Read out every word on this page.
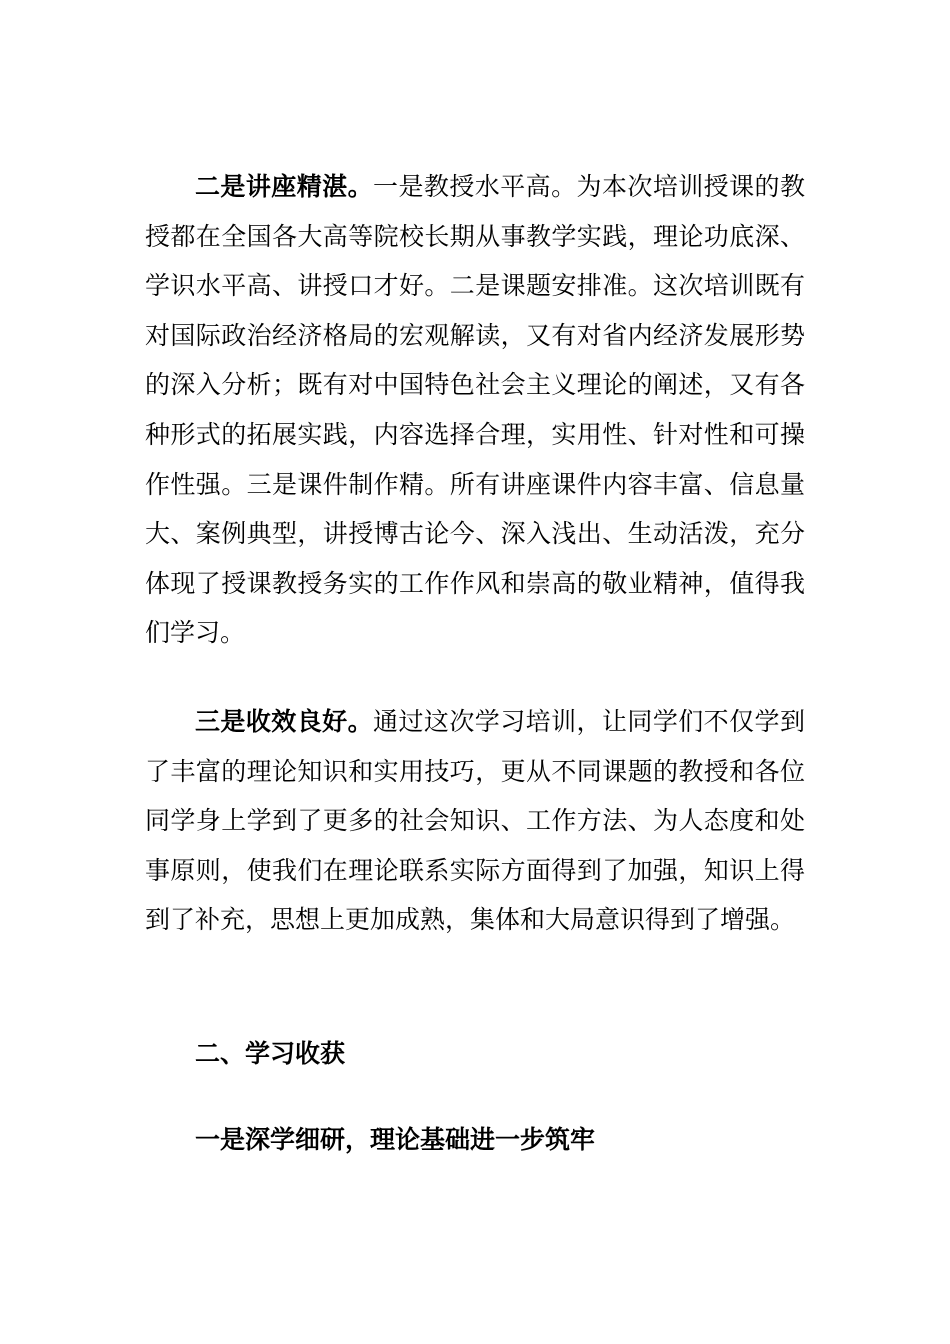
二是讲座精湛。一是教授水平高。为本次培训授课的教授都在全国各大高等院校长期从事教学实践，理论功底深、学识水平高、讲授口才好。二是课题安排准。这次培训既有对国际政治经济格局的宏观解读，又有对省内经济发展形势的深入分析；既有对中国特色社会主义理论的阐述，又有各种形式的拓展实践，内容选择合理，实用性、针对性和可操作性强。三是课件制作精。所有讲座课件内容丰富、信息量大、案例典型，讲授博古论今、深入浅出、生动活泼，充分体现了授课教授务实的工作作风和崇高的敬业精神，值得我们学习。

三是收效良好。通过这次学习培训，让同学们不仅学到了丰富的理论知识和实用技巧，更从不同课题的教授和各位同学身上学到了更多的社会知识、工作方法、为人态度和处事原则，使我们在理论联系实际方面得到了加强，知识上得到了补充，思想上更加成熟，集体和大局意识得到了增强。

二、学习收获
一是深学细研，理论基础进一步筑牢
